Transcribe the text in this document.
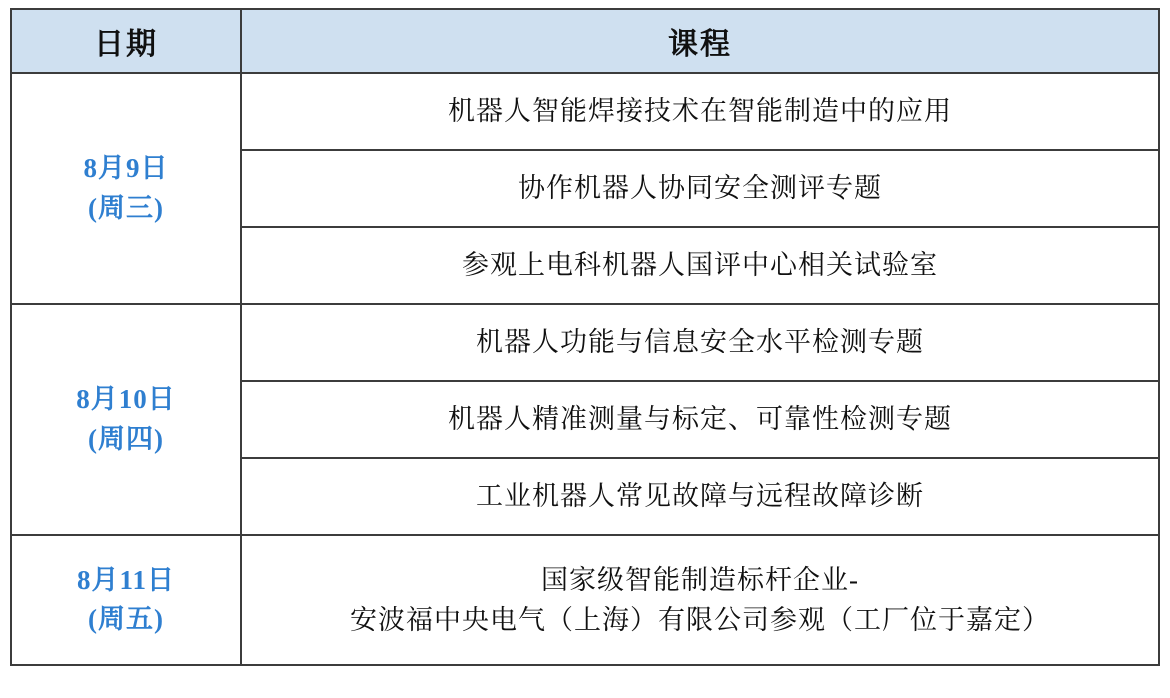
日期	课程

8月9日
(周三)	机器人智能焊接技术在智能制造中的应用

	协作机器人协同安全测评专题

	参观上电科机器人国评中心相关试验室

8月10日
(周四)	机器人功能与信息安全水平检测专题

	机器人精准测量与标定、可靠性检测专题

	工业机器人常见故障与远程故障诊断

8月11日
(周五)	国家级智能制造标杆企业-
安波福中央电气（上海）有限公司参观（工厂位于嘉定）
